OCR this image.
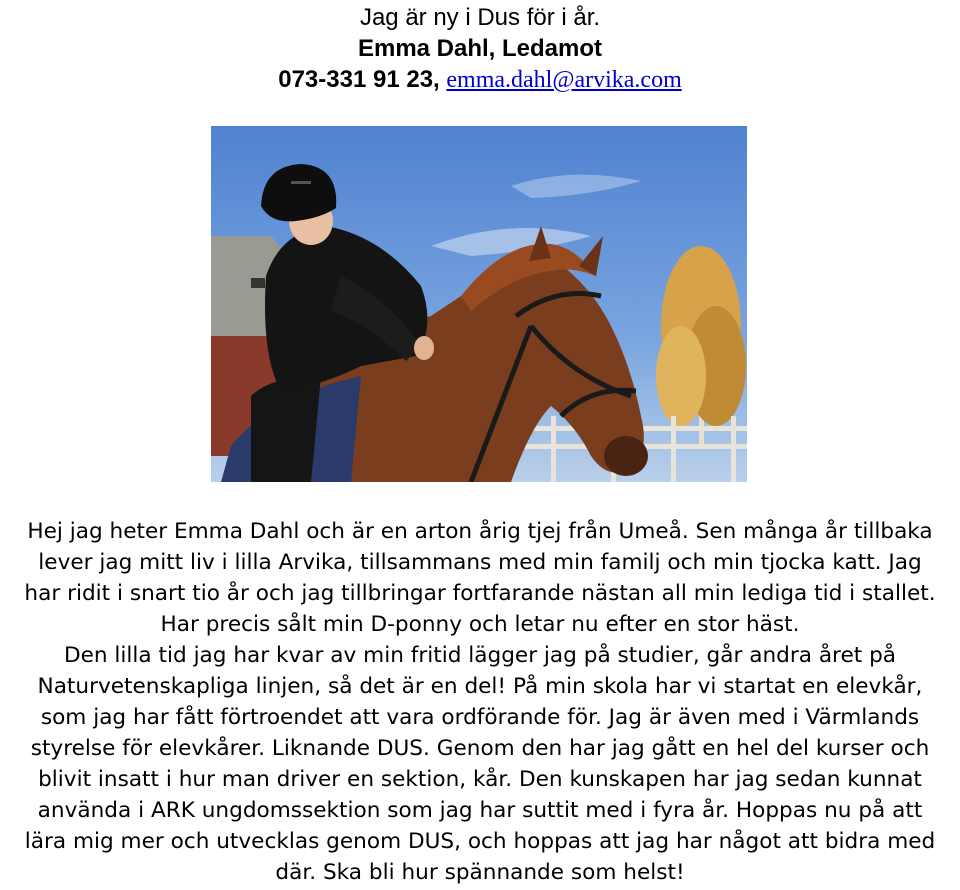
Jag är ny i Dus för i år.
Emma Dahl, Ledamot
073-331 91 23, emma.dahl@arvika.com
Hej jag heter Emma Dahl och är en arton årig tjej från Umeå. Sen många år tillbaka
lever jag mitt liv i lilla Arvika, tillsammans med min familj och min tjocka katt. Jag
har ridit i snart tio år och jag tillbringar fortfarande nästan all min lediga tid i stallet.
Har precis sålt min D-ponny och letar nu efter en stor häst.
Den lilla tid jag har kvar av min fritid lägger jag på studier, går andra året på
Naturvetenskapliga linjen, så det är en del! På min skola har vi startat en elevkår,
som jag har fått förtroendet att vara ordförande för. Jag är även med i Värmlands
styrelse för elevkårer. Liknande DUS. Genom den har jag gått en hel del kurser och
blivit insatt i hur man driver en sektion, kår. Den kunskapen har jag sedan kunnat
använda i ARK ungdomssektion som jag har suttit med i fyra år. Hoppas nu på att
lära mig mer och utvecklas genom DUS, och hoppas att jag har något att bidra med
där. Ska bli hur spännande som helst!
